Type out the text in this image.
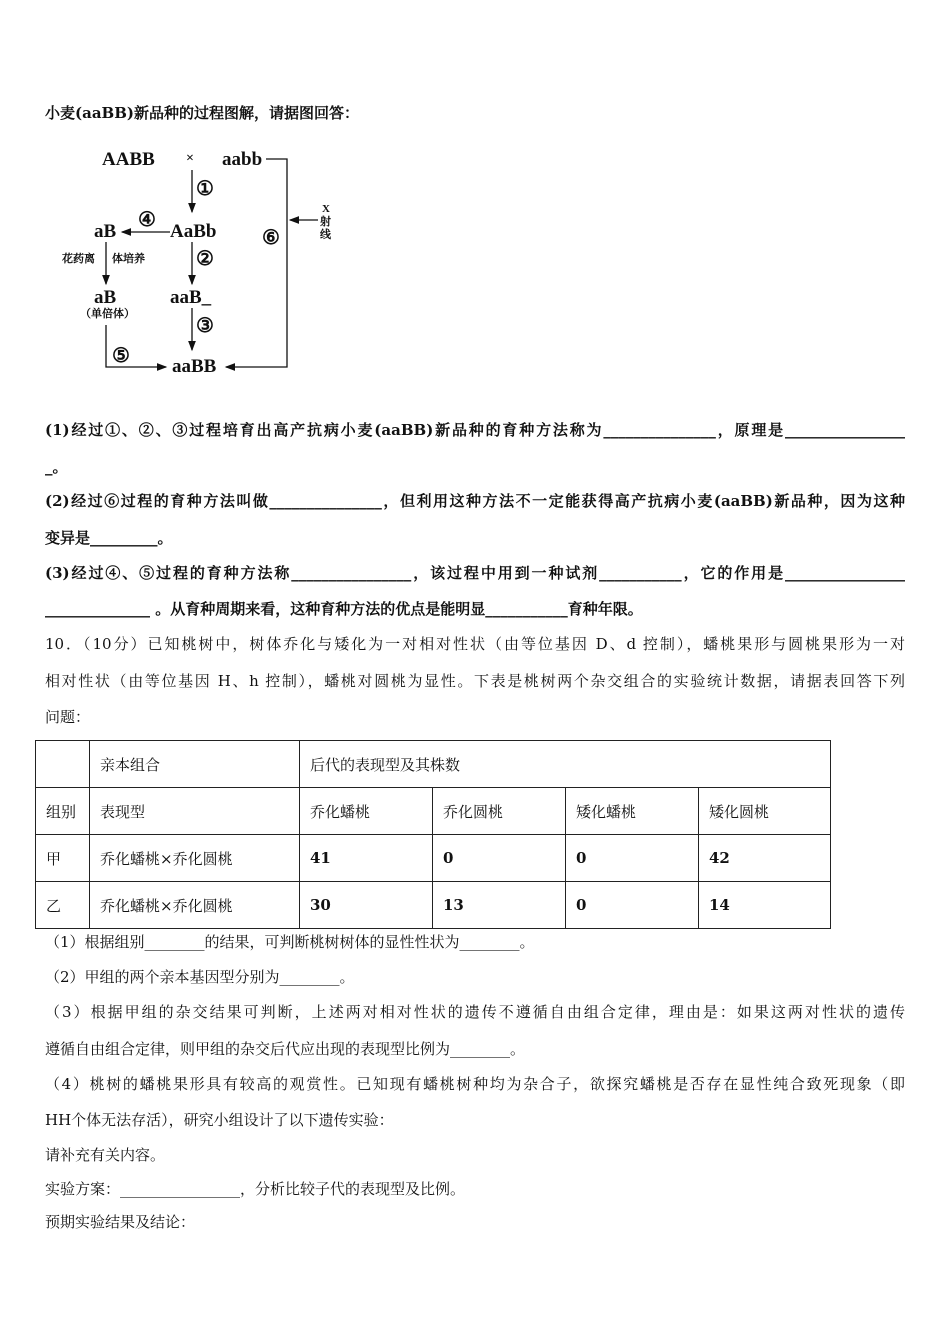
小麦(aaBB)新品种的过程图解，请据图回答：
AABB × aabb
①
AaBb
④
aB
花药离 体培养
aB
（单倍体）
②
aaB_
③
aaBB
⑤
⑥
X
射
线
(1)经过①、②、③过程培育出高产抗病小麦(aaBB)新品种的育种方法称为_______________，原理是________________
_。
(2)经过⑥过程的育种方法叫做_______________，但利用这种方法不一定能获得高产抗病小麦(aaBB)新品种，因为这种
变异是_________。
(3)经过④、⑤过程的育种方法称________________，该过程中用到一种试剂___________，它的作用是________________
______________ 。从育种周期来看，这种育种方法的优点是能明显___________育种年限。
10．（10分）已知桃树中，树体乔化与矮化为一对相对性状（由等位基因 D、d 控制），蟠桃果形与圆桃果形为一对
相对性状（由等位基因 H、h 控制），蟠桃对圆桃为显性。下表是桃树两个杂交组合的实验统计数据，请据表回答下列
问题：
	亲本组合	后代的表现型及其株数			
组别	表现型	乔化蟠桃	乔化圆桃	矮化蟠桃	矮化圆桃
甲	乔化蟠桃×乔化圆桃	41	0	0	42
乙	乔化蟠桃×乔化圆桃	30	13	0	14
（1）根据组别________的结果，可判断桃树树体的显性性状为________。
（2）甲组的两个亲本基因型分别为________。
（3）根据甲组的杂交结果可判断，上述两对相对性状的遗传不遵循自由组合定律，理由是：如果这两对性状的遗传
遵循自由组合定律，则甲组的杂交后代应出现的表现型比例为________。
（4）桃树的蟠桃果形具有较高的观赏性。已知现有蟠桃树种均为杂合子，欲探究蟠桃是否存在显性纯合致死现象（即
HH个体无法存活），研究小组设计了以下遗传实验：
请补充有关内容。
实验方案：________________，分析比较子代的表现型及比例。
预期实验结果及结论：
